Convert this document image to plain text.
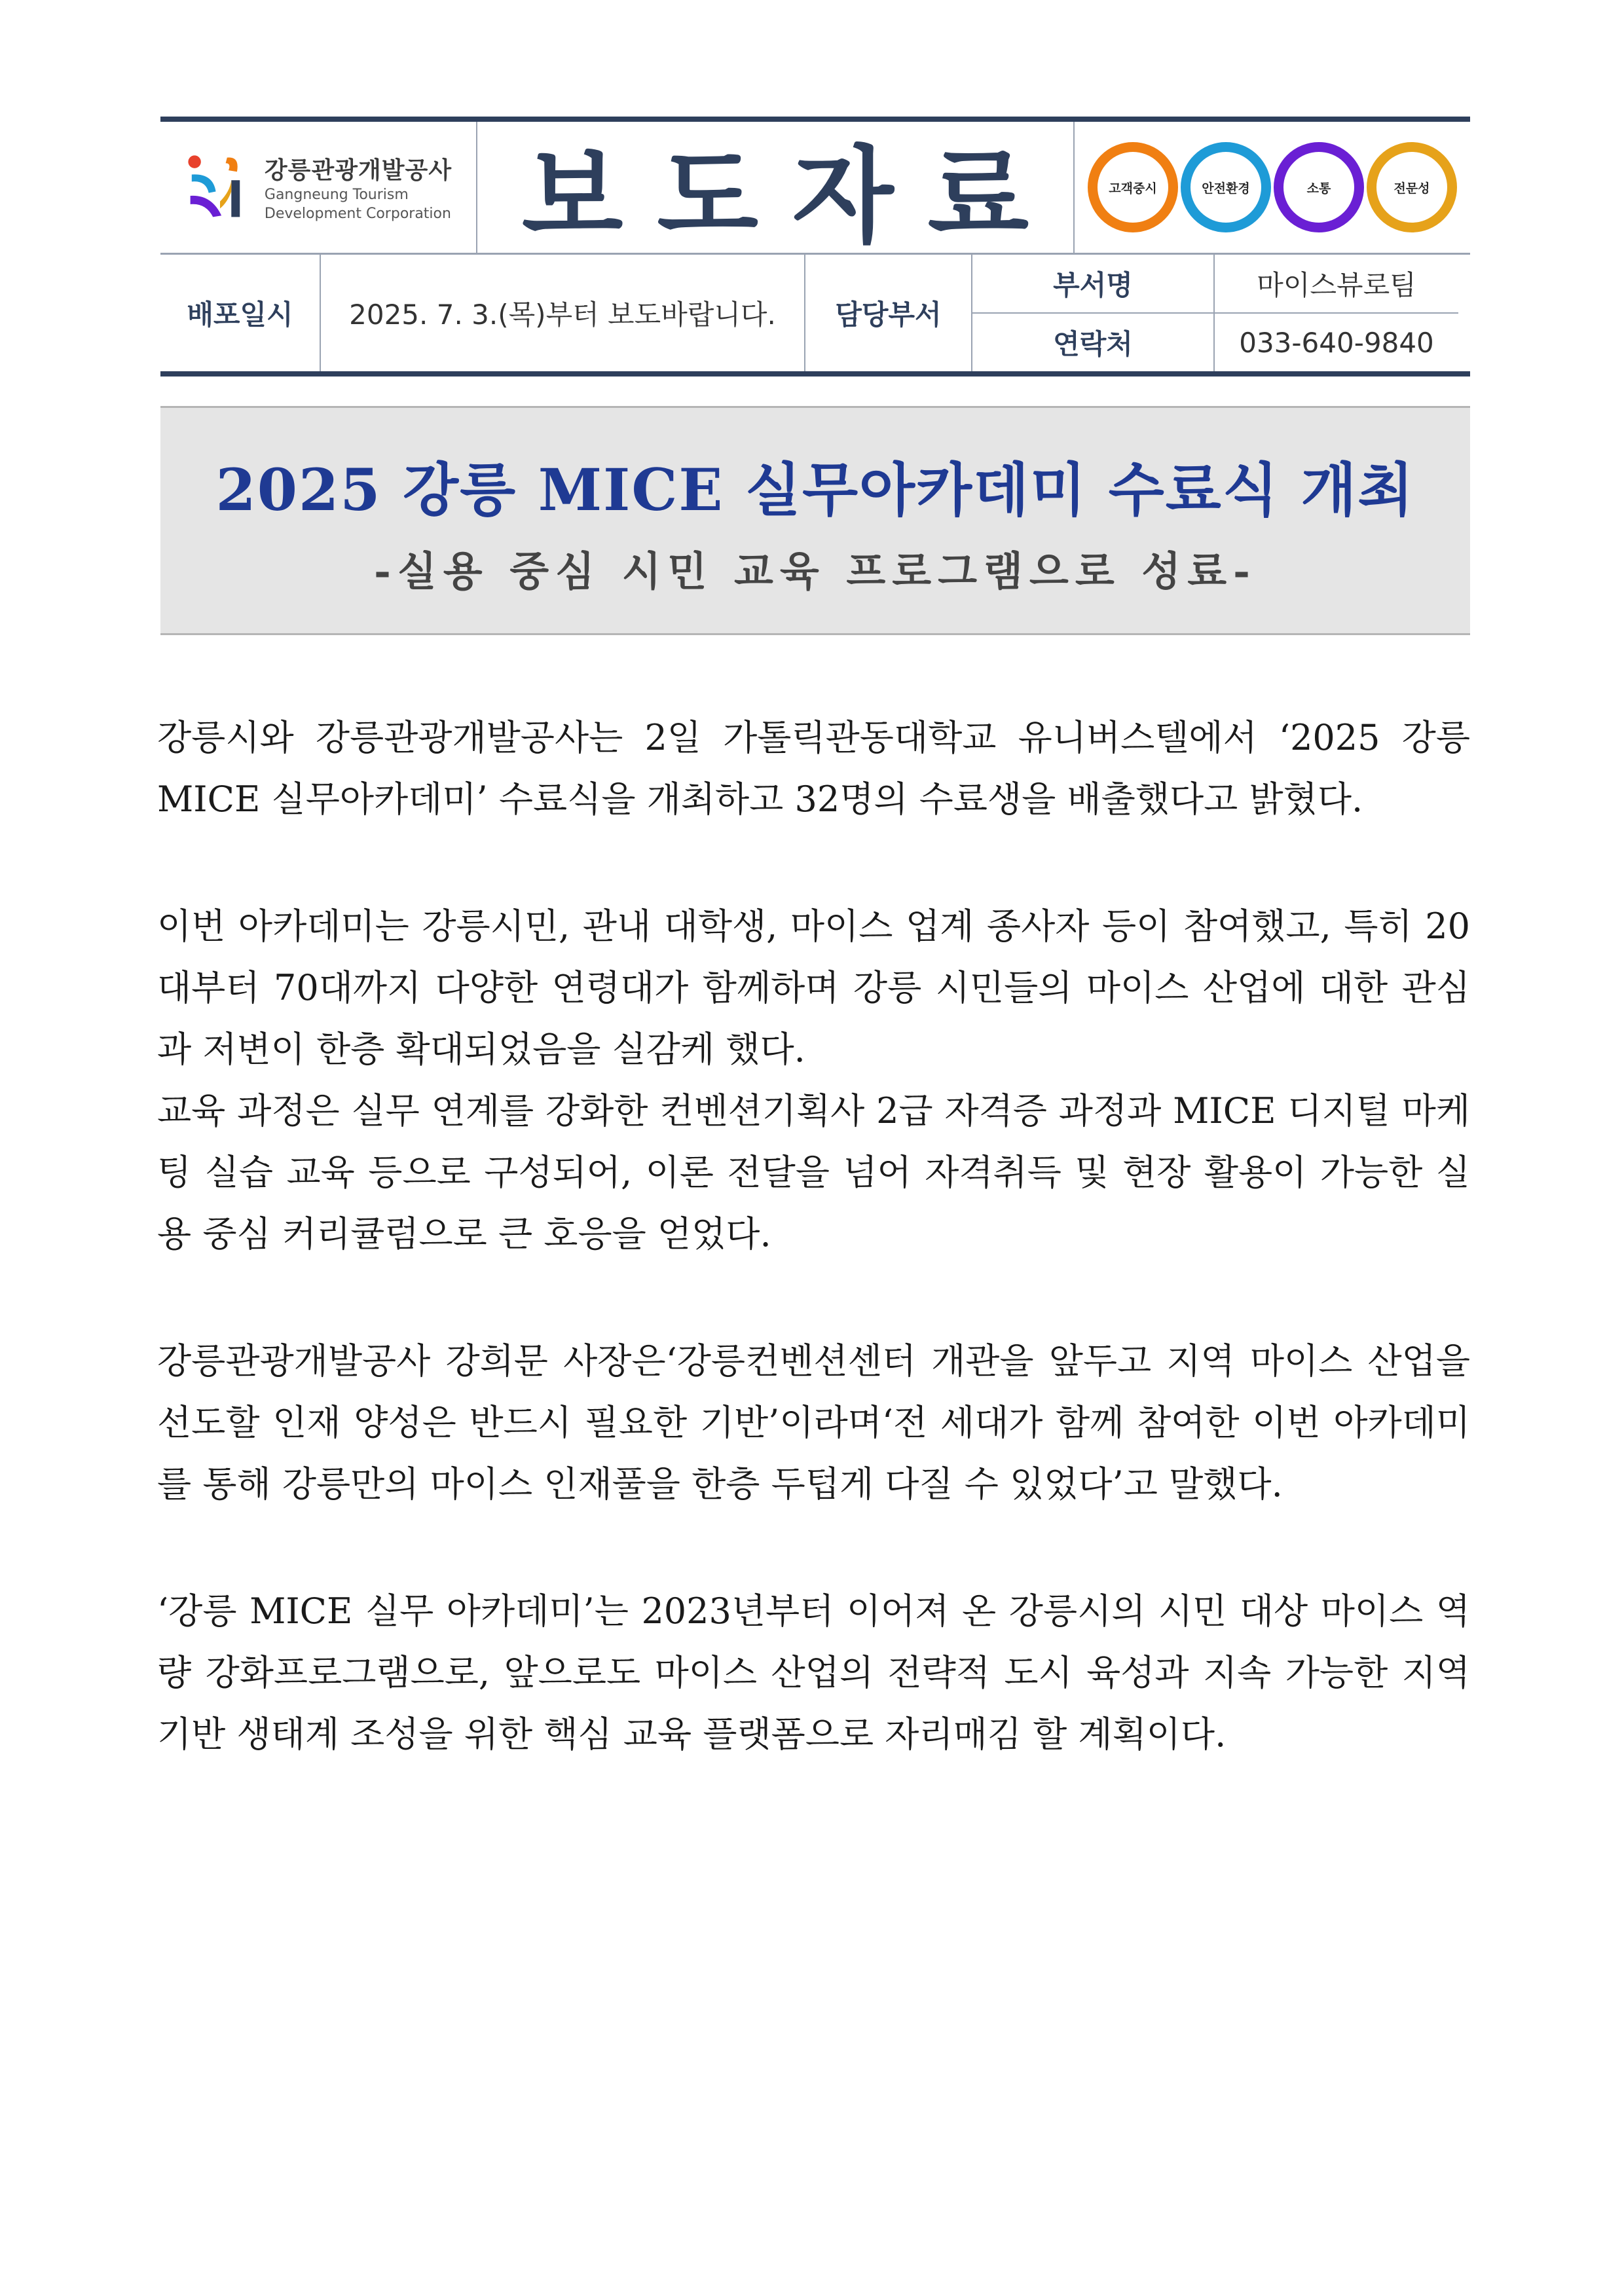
강릉관광개발공사
Gangneung Tourism
Development Corporation 보도자료	고객중시	안전환경	소통	전문성
배포일시 2025. 7. 3.(목)부터 보도바랍니다. 담당부서
부서명	마이스뷰로팀
연락처	033-640-9840
2025 강릉 MICE 실무아카데미 수료식 개최
-실용 중심 시민 교육 프로그램으로 성료-

강릉시와 강릉관광개발공사는 2일 가톨릭관동대학교 유니버스텔에서 ‘2025 강릉 MICE 실무아카데미’ 수료식을 개최하고 32명의 수료생을 배출했다고 밝혔다.

이번 아카데미는 강릉시민, 관내 대학생, 마이스 업계 종사자 등이 참여했고, 특히 20대부터 70대까지 다양한 연령대가 함께하며 강릉 시민들의 마이스 산업에 대한 관심과 저변이 한층 확대되었음을 실감케 했다.

교육 과정은 실무 연계를 강화한 컨벤션기획사 2급 자격증 과정과 MICE 디지털 마케팅 실습 교육 등으로 구성되어, 이론 전달을 넘어 자격취득 및 현장 활용이 가능한 실용 중심 커리큘럼으로 큰 호응을 얻었다.

강릉관광개발공사 강희문 사장은‘강릉컨벤션센터 개관을 앞두고 지역 마이스 산업을 선도할 인재 양성은 반드시 필요한 기반’이라며‘전 세대가 함께 참여한 이번 아카데미를 통해 강릉만의 마이스 인재풀을 한층 두텁게 다질 수 있었다’고 말했다.

‘강릉 MICE 실무 아카데미’는 2023년부터 이어져 온 강릉시의 시민 대상 마이스 역량 강화프로그램으로, 앞으로도 마이스 산업의 전략적 도시 육성과 지속 가능한 지역 기반 생태계 조성을 위한 핵심 교육 플랫폼으로 자리매김 할 계획이다.
